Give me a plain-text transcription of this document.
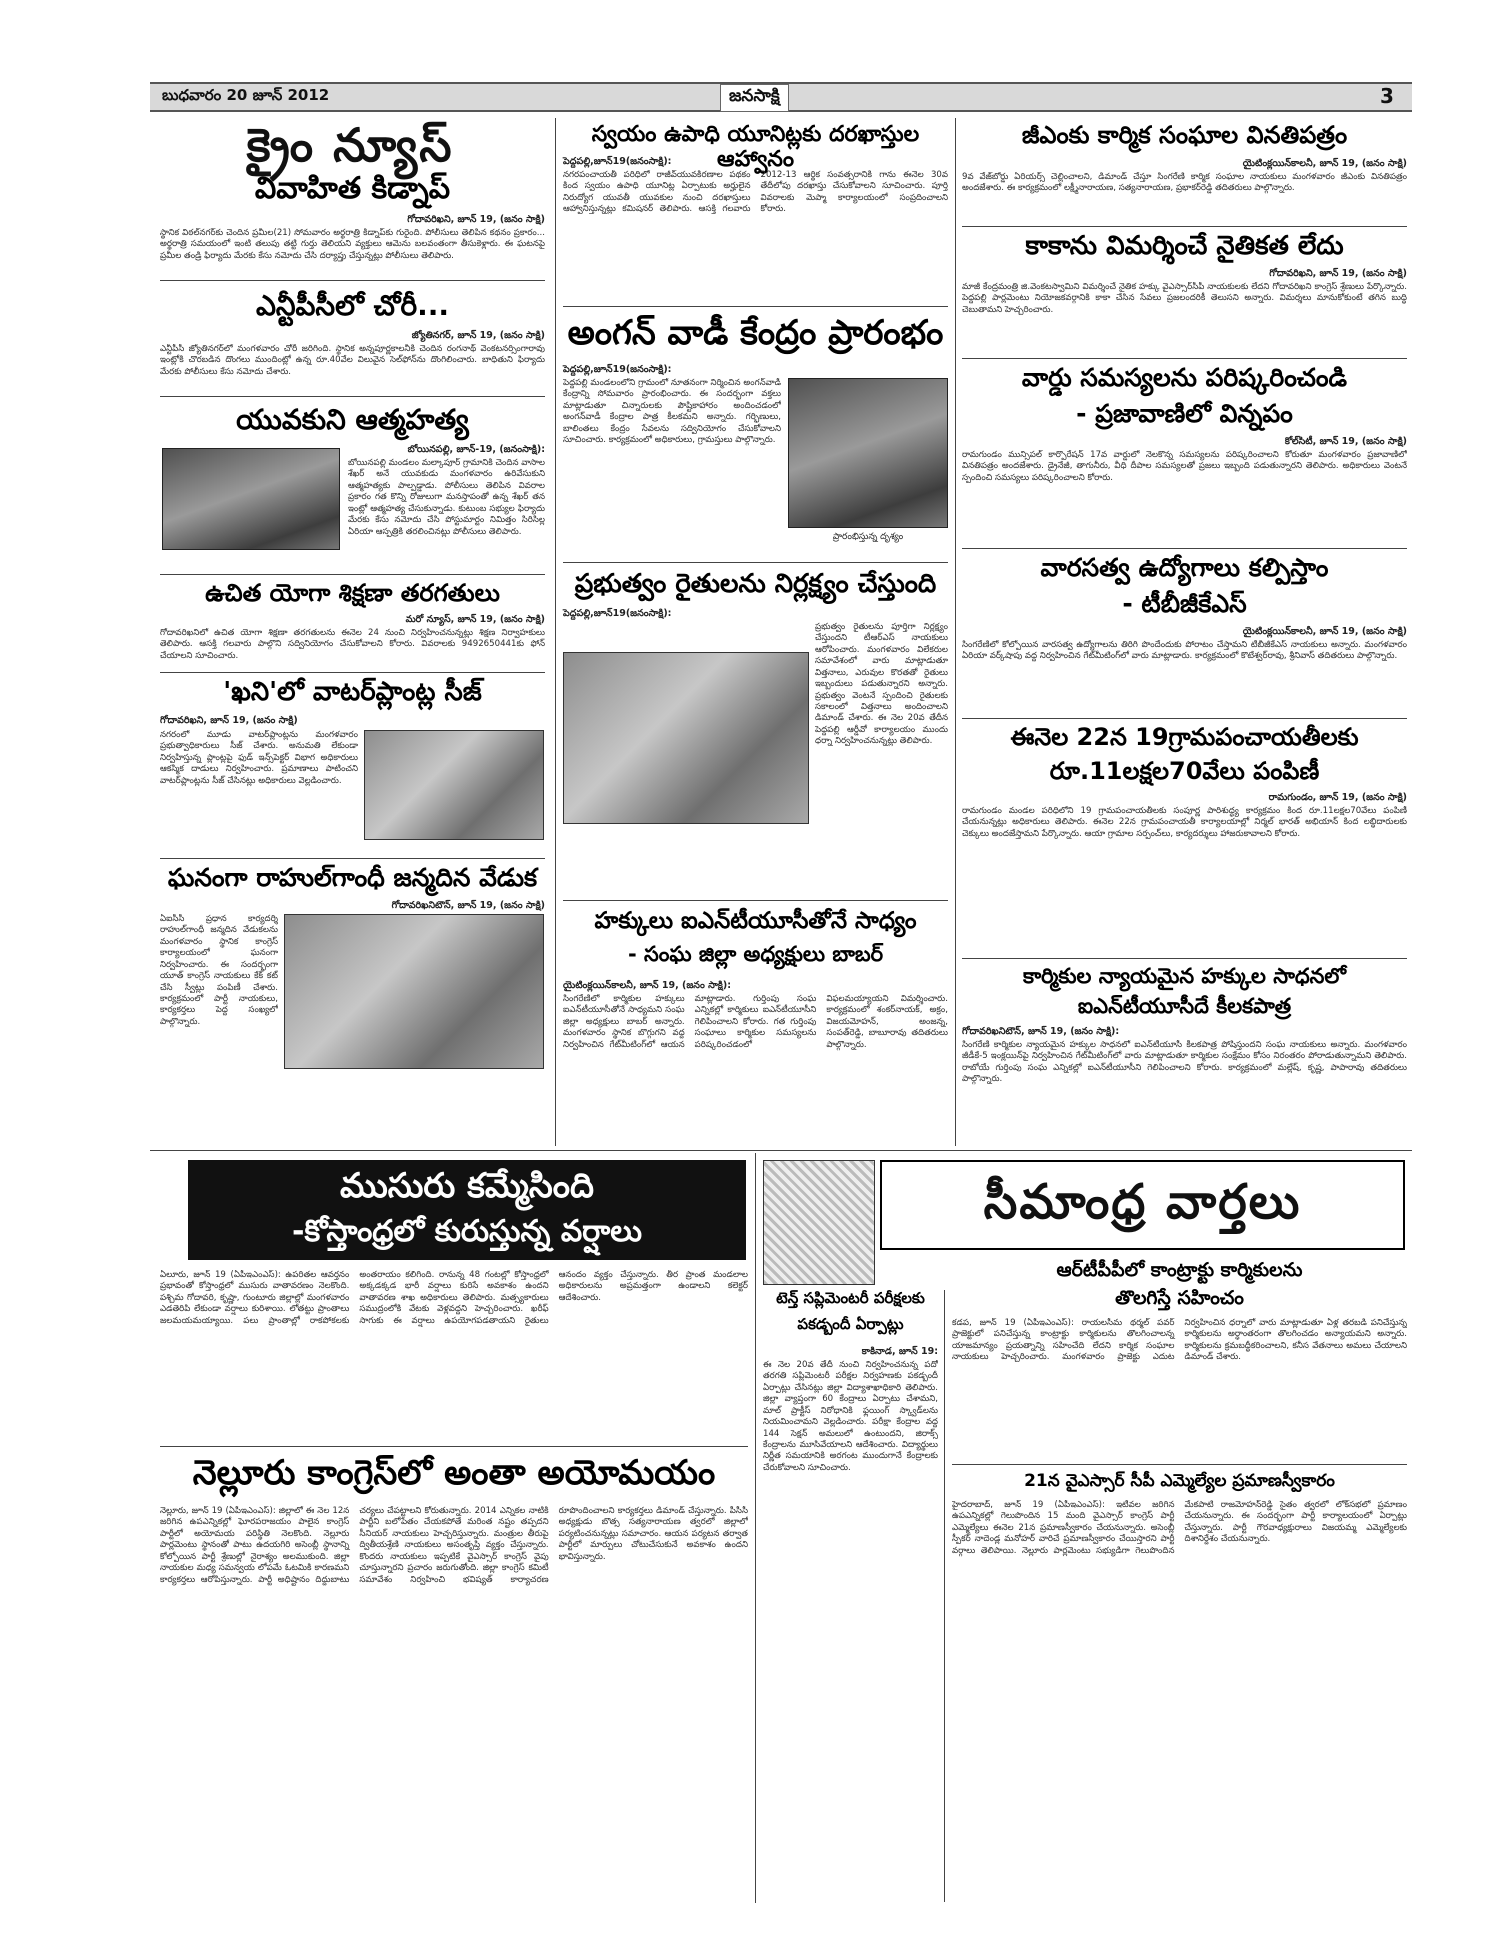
బుధవారం 20 జూన్ 2012	జనసాక్షి	3
క్రైం న్యూస్
వివాహిత కిడ్నాప్
గోదావరిఖని, జూన్ 19, (జనం సాక్షి)
స్థానిక విఠల్‌నగర్‌కు చెందిన ప్రమీల(21) సోమవారం అర్థరాత్రి కిడ్నాప్‌కు గురైంది. పోలీసులు తెలిపిన కథనం ప్రకారం... అర్థరాత్రి సమయంలో ఇంటి తలుపు తట్టి గుర్తు తెలియని వ్యక్తులు ఆమెను బలవంతంగా తీసుకెళ్లారు. ఈ ఘటనపై ప్రమీల తండ్రి ఫిర్యాదు మేరకు కేసు నమోదు చేసి దర్యాప్తు చేస్తున్నట్లు పోలీసులు తెలిపారు.
ఎన్టీపీసీలో చోరీ...
జ్యోతినగర్, జూన్ 19, (జనం సాక్షి)
ఎన్టీపీసీ జ్యోతినగర్‌లో మంగళవారం చోరీ జరిగింది. స్థానిక అన్నపూర్ణకాలనీకి చెందిన రంగనాథ్ వెంకటనర్సింగారావు ఇంట్లోకి చొరబడిన దొంగలు ముందింట్లో ఉన్న రూ.40వేల విలువైన సెల్‌ఫోన్‌ను దొంగిలించారు. బాధితుని ఫిర్యాదు మేరకు పోలీసులు కేసు నమోదు చేశారు.
యువకుని ఆత్మహత్య
బోయినపల్లి, జూన్-19, (జనంసాక్షి):
బోయినపల్లి మండలం మల్కాపూర్ గ్రామానికి చెందిన వాసాల శేఖర్ అనే యువకుడు మంగళవారం ఉరివేసుకుని ఆత్మహత్యకు పాల్పడ్డాడు. పోలీసులు తెలిపిన వివరాల ప్రకారం గత కొన్ని రోజులుగా మనస్తాపంతో ఉన్న శేఖర్ తన ఇంట్లో ఆత్మహత్య చేసుకున్నాడు. కుటుంబ సభ్యుల ఫిర్యాదు మేరకు కేసు నమోదు చేసి పోస్టుమార్టం నిమిత్తం సిరిసిల్ల ఏరియా ఆస్పత్రికి తరలించినట్లు పోలీసులు తెలిపారు.
ఉచిత యోగా శిక్షణా తరగతులు
మరో న్యూస్, జూన్ 19, (జనం సాక్షి)
గోదావరిఖనిలో ఉచిత యోగా శిక్షణా తరగతులను ఈనెల 24 నుంచి నిర్వహించనున్నట్లు శిక్షణ నిర్వాహకులు తెలిపారు. ఆసక్తి గలవారు పాల్గొని సద్వినియోగం చేసుకోవాలని కోరారు. వివరాలకు 9492650441కు ఫోన్ చేయాలని సూచించారు.
'ఖని'లో వాటర్‌ప్లాంట్ల సీజ్
గోదావరిఖని, జూన్ 19, (జనం సాక్షి)
నగరంలో మూడు వాటర్‌ప్లాంట్లను మంగళవారం ప్రభుత్వాధికారులు సీజ్ చేశారు. అనుమతి లేకుండా నిర్వహిస్తున్న ప్లాంట్లపై ఫుడ్ ఇన్స్‌పెక్టర్ విభాగ అధికారులు ఆకస్మిక దాడులు నిర్వహించారు. ప్రమాణాలు పాటించని వాటర్‌ప్లాంట్లను సీజ్ చేసినట్లు అధికారులు వెల్లడించారు.
ఘనంగా రాహుల్‌గాంధీ జన్మదిన వేడుక
గోదావరిఖనిటౌన్, జూన్ 19, (జనం సాక్షి)
ఏఐసీసీ ప్రధాన కార్యదర్శి రాహుల్‌గాంధీ జన్మదిన వేడుకలను మంగళవారం స్థానిక కాంగ్రెస్ కార్యాలయంలో ఘనంగా నిర్వహించారు. ఈ సందర్భంగా యూత్ కాంగ్రెస్ నాయకులు కేక్ కట్ చేసి స్వీట్లు పంపిణీ చేశారు. కార్యక్రమంలో పార్టీ నాయకులు, కార్యకర్తలు పెద్ద సంఖ్యలో పాల్గొన్నారు.
స్వయం ఉపాధి యూనిట్లకు దరఖాస్తుల ఆహ్వానం
పెద్దపల్లి,జూన్19(జనంసాక్షి):
నగరపంచాయతీ పరిధిలో రాజీవ్‌యువకిరణాల పథకం కింద స్వయం ఉపాధి యూనిట్ల ఏర్పాటుకు అర్హులైన నిరుద్యోగ యువతీ యువకుల నుంచి దరఖాస్తులు ఆహ్వానిస్తున్నట్లు కమిషనర్ తెలిపారు. ఆసక్తి గలవారు 2012-13 ఆర్థిక సంవత్సరానికి గాను ఈనెల 30వ తేదీలోపు దరఖాస్తు చేసుకోవాలని సూచించారు. పూర్తి వివరాలకు మెప్మా కార్యాలయంలో సంప్రదించాలని కోరారు.
అంగన్ వాడీ కేంద్రం ప్రారంభం
పెద్దపల్లి,జూన్19(జనంసాక్షి):
పెద్దపల్లి మండలంలోని గ్రామంలో నూతనంగా నిర్మించిన అంగన్‌వాడీ కేంద్రాన్ని సోమవారం ప్రారంభించారు. ఈ సందర్భంగా వక్తలు మాట్లాడుతూ చిన్నారులకు పౌష్టికాహారం అందించడంలో అంగన్‌వాడీ కేంద్రాల పాత్ర కీలకమని అన్నారు. గర్భిణులు, బాలింతలు కేంద్రం సేవలను సద్వినియోగం చేసుకోవాలని సూచించారు. కార్యక్రమంలో అధికారులు, గ్రామస్తులు పాల్గొన్నారు.
ప్రారంభిస్తున్న దృశ్యం
ప్రభుత్వం రైతులను నిర్లక్ష్యం చేస్తుంది
పెద్దపల్లి,జూన్19(జనంసాక్షి):
ప్రభుత్వం రైతులను పూర్తిగా నిర్లక్ష్యం చేస్తుందని టీఆర్ఎస్ నాయకులు ఆరోపించారు. మంగళవారం విలేకరుల సమావేశంలో వారు మాట్లాడుతూ విత్తనాలు, ఎరువుల కొరతతో రైతులు ఇబ్బందులు పడుతున్నారని అన్నారు. ప్రభుత్వం వెంటనే స్పందించి రైతులకు సకాలంలో విత్తనాలు అందించాలని డిమాండ్ చేశారు. ఈ నెల 20వ తేదీన పెద్దపల్లి ఆర్డీవో కార్యాలయం ముందు ధర్నా నిర్వహించనున్నట్లు తెలిపారు.
హక్కులు ఐఎన్‌టీయూసీతోనే సాధ్యం
- సంఘ జిల్లా అధ్యక్షులు బాబర్
యైటింక్లయిన్‌కాలనీ, జూన్ 19, (జనం సాక్షి):
సింగరేణిలో కార్మికుల హక్కులు ఐఎన్‌టీయూసీతోనే సాధ్యమని సంఘ జిల్లా అధ్యక్షులు బాబర్ అన్నారు. మంగళవారం స్థానిక బొగ్గుగని వద్ద నిర్వహించిన గేట్‌మీటింగ్‌లో ఆయన మాట్లాడారు. గుర్తింపు సంఘ ఎన్నికల్లో కార్మికులు ఐఎన్‌టీయూసీని గెలిపించాలని కోరారు. గత గుర్తింపు సంఘాలు కార్మికుల సమస్యలను పరిష్కరించడంలో విఫలమయ్యాయని విమర్శించారు. కార్యక్రమంలో శంకర్‌నాయక్, అక్రం, విజయమోహన్, అంజన్న, సంపత్‌రెడ్డి, బాబూరావు తదితరులు పాల్గొన్నారు.
జీఎంకు కార్మిక సంఘాల వినతిపత్రం
యైటింక్లయిన్‌కాలనీ, జూన్ 19, (జనం సాక్షి)
9వ వేజ్‌బోర్డు ఏరియర్స్ చెల్లించాలని, డిమాండ్ చేస్తూ సింగరేణి కార్మిక సంఘాల నాయకులు మంగళవారం జీఎంకు వినతిపత్రం అందజేశారు. ఈ కార్యక్రమంలో లక్ష్మీనారాయణ, సత్యనారాయణ, ప్రభాకర్‌రెడ్డి తదితరులు పాల్గొన్నారు.
కాకాను విమర్శించే నైతికత లేదు
గోదావరిఖని, జూన్ 19, (జనం సాక్షి)
మాజీ కేంద్రమంత్రి జి.వెంకటస్వామిని విమర్శించే నైతిక హక్కు వైఎస్సార్‌సీపీ నాయకులకు లేదని గోదావరిఖని కాంగ్రెస్ శ్రేణులు పేర్కొన్నారు. పెద్దపల్లి పార్లమెంటు నియోజకవర్గానికి కాకా చేసిన సేవలు ప్రజలందరికీ తెలుసని అన్నారు. విమర్శలు మానుకోకుంటే తగిన బుద్ధి చెబుతామని హెచ్చరించారు.
వార్డు సమస్యలను పరిష్కరించండి
- ప్రజావాణిలో విన్నపం
కోల్‌సిటీ, జూన్ 19, (జనం సాక్షి)
రామగుండం మున్సిపల్ కార్పొరేషన్ 17వ వార్డులో నెలకొన్న సమస్యలను పరిష్కరించాలని కోరుతూ మంగళవారం ప్రజావాణిలో వినతిపత్రం అందజేశారు. డ్రైనేజీ, తాగునీరు, వీధి దీపాల సమస్యలతో ప్రజలు ఇబ్బంది పడుతున్నారని తెలిపారు. అధికారులు వెంటనే స్పందించి సమస్యలు పరిష్కరించాలని కోరారు.
వారసత్వ ఉద్యోగాలు కల్పిస్తాం
- టీబీజీకేఎస్
యైటింక్లయిన్‌కాలనీ, జూన్ 19, (జనం సాక్షి)
సింగరేణిలో కోల్పోయిన వారసత్వ ఉద్యోగాలను తిరిగి పొందేందుకు పోరాటం చేస్తామని టీబీజీకేఎస్ నాయకులు అన్నారు. మంగళవారం ఏరియా వర్క్‌షాపు వద్ద నిర్వహించిన గేట్‌మీటింగ్‌లో వారు మాట్లాడారు. కార్యక్రమంలో కొటేశ్వర్‌రావు, శ్రీనివాస్ తదితరులు పాల్గొన్నారు.
ఈనెల 22న 19గ్రామపంచాయతీలకు
రూ.11లక్షల70వేలు పంపిణీ
రామగుండం, జూన్ 19, (జనం సాక్షి)
రామగుండం మండల పరిధిలోని 19 గ్రామపంచాయతీలకు సంపూర్ణ పారిశుద్ధ్య కార్యక్రమం కింద రూ.11లక్షల70వేలు పంపిణీ చేయనున్నట్లు అధికారులు తెలిపారు. ఈనెల 22న గ్రామపంచాయతీ కార్యాలయాల్లో నిర్మల్ భారత్ అభియాన్ కింద లబ్ధిదారులకు చెక్కులు అందజేస్తామని పేర్కొన్నారు. ఆయా గ్రామాల సర్పంచ్‌లు, కార్యదర్శులు హాజరుకావాలని కోరారు.
కార్మికుల న్యాయమైన హక్కుల సాధనలో
ఐఎన్‌టీయూసీదే కీలకపాత్ర
గోదావరిఖనిటౌన్, జూన్ 19, (జనం సాక్షి):
సింగరేణి కార్మికుల న్యాయమైన హక్కుల సాధనలో ఐఎన్‌టీయూసీ కీలకపాత్ర పోషిస్తుందని సంఘ నాయకులు అన్నారు. మంగళవారం జీడీకే-5 ఇంక్లయిన్‌పై నిర్వహించిన గేట్‌మీటింగ్‌లో వారు మాట్లాడుతూ కార్మికుల సంక్షేమం కోసం నిరంతరం పోరాడుతున్నామని తెలిపారు. రాబోయే గుర్తింపు సంఘ ఎన్నికల్లో ఐఎన్‌టీయూసీని గెలిపించాలని కోరారు. కార్యక్రమంలో మల్లేష్, కృష్ణ, పాపారావు తదితరులు పాల్గొన్నారు.
ముసురు కమ్మేసింది
-కోస్తాంధ్రలో కురుస్తున్న వర్షాలు
ఏలూరు, జూన్ 19 (ఏపీఇఎంఎస్): ఉపరితల ఆవర్తనం ప్రభావంతో కోస్తాంధ్రలో ముసురు వాతావరణం నెలకొంది. పశ్చిమ గోదావరి, కృష్ణా, గుంటూరు జిల్లాల్లో మంగళవారం ఎడతెరిపి లేకుండా వర్షాలు కురిశాయి. లోతట్టు ప్రాంతాలు జలమయమయ్యాయి. పలు ప్రాంతాల్లో రాకపోకలకు అంతరాయం కలిగింది. రానున్న 48 గంటల్లో కోస్తాంధ్రలో అక్కడక్కడ భారీ వర్షాలు కురిసే అవకాశం ఉందని వాతావరణ శాఖ అధికారులు తెలిపారు. మత్స్యకారులు సముద్రంలోకి వేటకు వెళ్లవద్దని హెచ్చరించారు. ఖరీఫ్ సాగుకు ఈ వర్షాలు ఉపయోగపడతాయని రైతులు ఆనందం వ్యక్తం చేస్తున్నారు. తీర ప్రాంత మండలాల అధికారులను అప్రమత్తంగా ఉండాలని కలెక్టర్ ఆదేశించారు.
నెల్లూరు కాంగ్రెస్‌లో అంతా అయోమయం
నెల్లూరు, జూన్ 19 (ఏపీఇఎంఎస్): జిల్లాలో ఈ నెల 12న జరిగిన ఉపఎన్నికల్లో ఘోరపరాజయం పాలైన కాంగ్రెస్ పార్టీలో అయోమయ పరిస్థితి నెలకొంది. నెల్లూరు పార్లమెంటు స్థానంతో పాటు ఉదయగిరి అసెంబ్లీ స్థానాన్ని కోల్పోయిన పార్టీ శ్రేణుల్లో నైరాశ్యం అలముకుంది. జిల్లా నాయకుల మధ్య సమన్వయ లోపమే ఓటమికి కారణమని కార్యకర్తలు ఆరోపిస్తున్నారు. పార్టీ అధిష్టానం దిద్దుబాటు చర్యలు చేపట్టాలని కోరుతున్నారు. 2014 ఎన్నికల నాటికి పార్టీని బలోపేతం చేయకపోతే మరింత నష్టం తప్పదని సీనియర్ నాయకులు హెచ్చరిస్తున్నారు. మంత్రుల తీరుపై ద్వితీయశ్రేణి నాయకులు అసంతృప్తి వ్యక్తం చేస్తున్నారు. కొందరు నాయకులు ఇప్పటికే వైఎస్సార్ కాంగ్రెస్ వైపు చూస్తున్నారని ప్రచారం జరుగుతోంది. జిల్లా కాంగ్రెస్ కమిటీ సమావేశం నిర్వహించి భవిష్యత్ కార్యాచరణ రూపొందించాలని కార్యకర్తలు డిమాండ్ చేస్తున్నారు. పీసీసీ అధ్యక్షుడు బొత్స సత్యనారాయణ త్వరలో జిల్లాలో పర్యటించనున్నట్లు సమాచారం. ఆయన పర్యటన తర్వాత పార్టీలో మార్పులు చోటుచేసుకునే అవకాశం ఉందని భావిస్తున్నారు.
సీమాంధ్ర వార్తలు
టెన్త్ సప్లిమెంటరీ పరీక్షలకు
పకడ్బందీ ఏర్పాట్లు
కాకినాడ, జూన్ 19:
ఈ నెల 20వ తేదీ నుంచి నిర్వహించనున్న పదో తరగతి సప్లిమెంటరీ పరీక్షల నిర్వహణకు పకడ్బందీ ఏర్పాట్లు చేసినట్లు జిల్లా విద్యాశాఖాధికారి తెలిపారు. జిల్లా వ్యాప్తంగా 60 కేంద్రాలు ఏర్పాటు చేశామని, మాల్ ప్రాక్టీస్ నిరోధానికి ఫ్లయింగ్ స్క్వాడ్‌లను నియమించామని వెల్లడించారు. పరీక్షా కేంద్రాల వద్ద 144 సెక్షన్ అమలులో ఉంటుందని, జిరాక్స్ కేంద్రాలను మూసివేయాలని ఆదేశించారు. విద్యార్థులు నిర్ణీత సమయానికి అరగంట ముందుగానే కేంద్రాలకు చేరుకోవాలని సూచించారు.
ఆర్‌టీపీపీలో కాంట్రాక్టు కార్మికులను
తొలగిస్తే సహించం
కడప, జూన్ 19 (ఏపీఇఎంఎస్): రాయలసీమ థర్మల్ పవర్ ప్రాజెక్టులో పనిచేస్తున్న కాంట్రాక్టు కార్మికులను తొలగించాలన్న యాజమాన్యం ప్రయత్నాన్ని సహించేది లేదని కార్మిక సంఘాల నాయకులు హెచ్చరించారు. మంగళవారం ప్రాజెక్టు ఎదుట నిర్వహించిన ధర్నాలో వారు మాట్లాడుతూ ఏళ్ల తరబడి పనిచేస్తున్న కార్మికులను అర్ధాంతరంగా తొలగించడం అన్యాయమని అన్నారు. కార్మికులను క్రమబద్ధీకరించాలని, కనీస వేతనాలు అమలు చేయాలని డిమాండ్ చేశారు.
21న వైఎస్సార్ సీపీ ఎమ్మెల్యేల ప్రమాణస్వీకారం
హైదరాబాద్, జూన్ 19 (ఏపీఇఎంఎస్): ఇటీవల జరిగిన ఉపఎన్నికల్లో గెలుపొందిన 15 మంది వైఎస్సార్ కాంగ్రెస్ పార్టీ ఎమ్మెల్యేలు ఈనెల 21న ప్రమాణస్వీకారం చేయనున్నారు. అసెంబ్లీ స్పీకర్ నాదెండ్ల మనోహర్ వారిచే ప్రమాణస్వీకారం చేయిస్తారని పార్టీ వర్గాలు తెలిపాయి. నెల్లూరు పార్లమెంటు సభ్యుడిగా గెలుపొందిన మేకపాటి రాజమోహన్‌రెడ్డి సైతం త్వరలో లోక్‌సభలో ప్రమాణం చేయనున్నారు. ఈ సందర్భంగా పార్టీ కార్యాలయంలో ఏర్పాట్లు చేస్తున్నారు. పార్టీ గౌరవాధ్యక్షురాలు విజయమ్మ ఎమ్మెల్యేలకు దిశానిర్దేశం చేయనున్నారు.
